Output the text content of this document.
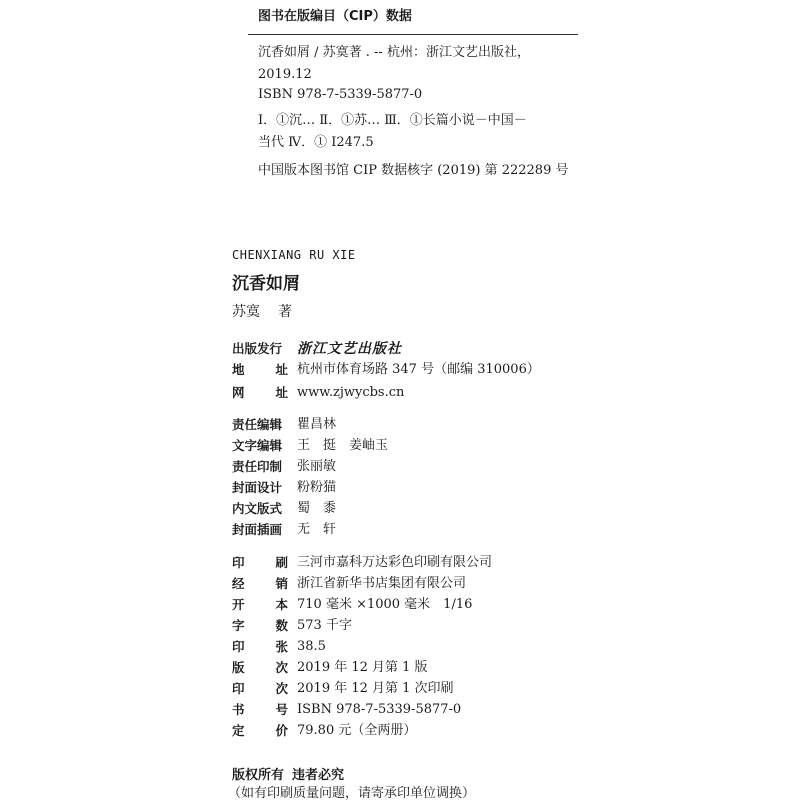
图书在版编目（CIP）数据
沉香如屑 / 苏寞著 . -- 杭州：浙江文艺出版社，
2019.12
ISBN 978-7-5339-5877-0
Ⅰ．①沉… Ⅱ．①苏… Ⅲ．①长篇小说－中国－
当代 Ⅳ．① I247.5
中国版本图书馆 CIP 数据核字 (2019) 第 222289 号
CHENXIANG RU XIE
沉香如屑
苏寞 著
出版发行	浙江文艺出版社
地 址 杭州市体育场路 347 号（邮编 310006）
网 址 www.zjwycbs.cn
责任编辑	瞿昌林
文字编辑	王　挺　姜岫玉
责任印制	张丽敏
封面设计	粉粉猫
内文版式	蜀　黍
封面插画	无　轩
印 刷 三河市嘉科万达彩色印刷有限公司
经 销 浙江省新华书店集团有限公司
开 本 710 毫米 ×1000 毫米　1/16
字 数 573 千字
印 张 38.5
版 次 2019 年 12 月第 1 版
印 次 2019 年 12 月第 1 次印刷
书 号 ISBN 978-7-5339-5877-0
定 价 79.80 元（全两册）
版权所有 违者必究
（如有印刷质量问题，请寄承印单位调换）
